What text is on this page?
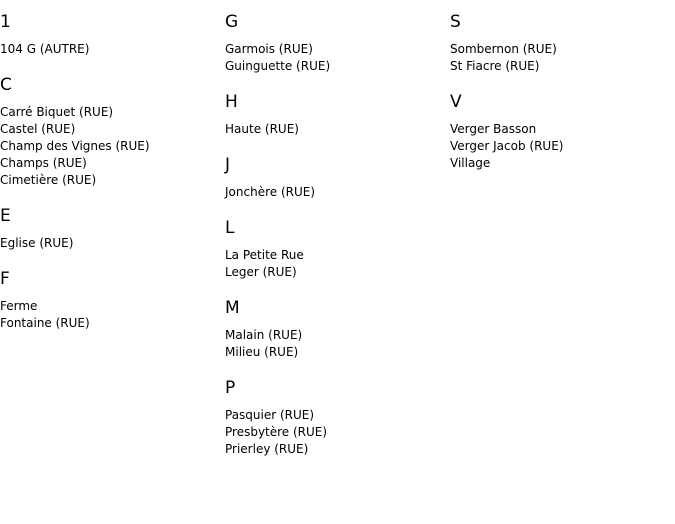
1
104 G (AUTRE)
C
Carré Biquet (RUE)
Castel (RUE)
Champ des Vignes (RUE)
Champs (RUE)
Cimetière (RUE)
E
Eglise (RUE)
F
Ferme
Fontaine (RUE)
G
Garmois (RUE)
Guinguette (RUE)
H
Haute (RUE)
J
Jonchère (RUE)
L
La Petite Rue
Leger (RUE)
M
Malain (RUE)
Milieu (RUE)
P
Pasquier (RUE)
Presbytère (RUE)
Prierley (RUE)
S
Sombernon (RUE)
St Fiacre (RUE)
V
Verger Basson
Verger Jacob (RUE)
Village
